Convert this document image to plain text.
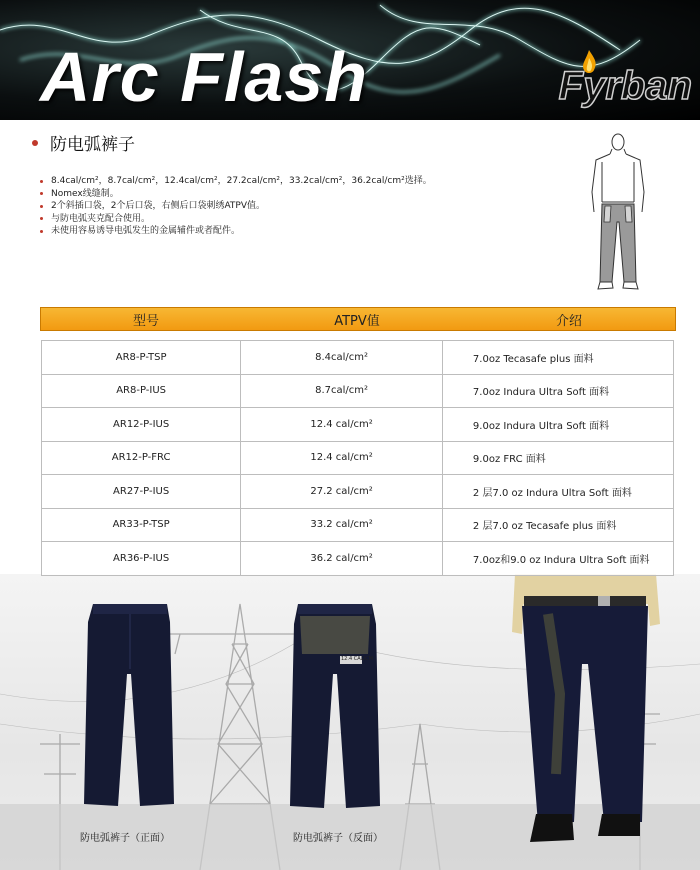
Arc Flash	Fyrban
防电弧裤子
8.4cal/cm²，8.7cal/cm²，12.4cal/cm²，27.2cal/cm²，33.2cal/cm²，36.2cal/cm²选择。
Nomex线缝制。
2个斜插口袋，2个后口袋，右侧后口袋刺绣ATPV值。
与防电弧夹克配合使用。
未使用容易诱导电弧发生的金属辅件或者配件。
型号	ATPV值	介绍
防电弧裤子（正面）	防电弧裤子（反面）
12.4 CAL/CM
AR8-P-TSP	8.4cal/cm²	7.0oz Tecasafe plus 面料
AR8-P-IUS	8.7cal/cm²	7.0oz Indura Ultra Soft 面料
AR12-P-IUS	12.4 cal/cm²	9.0oz Indura Ultra Soft 面料
AR12-P-FRC	12.4 cal/cm²	9.0oz FRC 面料
AR27-P-IUS	27.2 cal/cm²	2 层7.0 oz Indura Ultra Soft 面料
AR33-P-TSP	33.2 cal/cm²	2 层7.0 oz Tecasafe plus 面料
AR36-P-IUS	36.2 cal/cm²	7.0oz和9.0 oz Indura Ultra Soft 面料
